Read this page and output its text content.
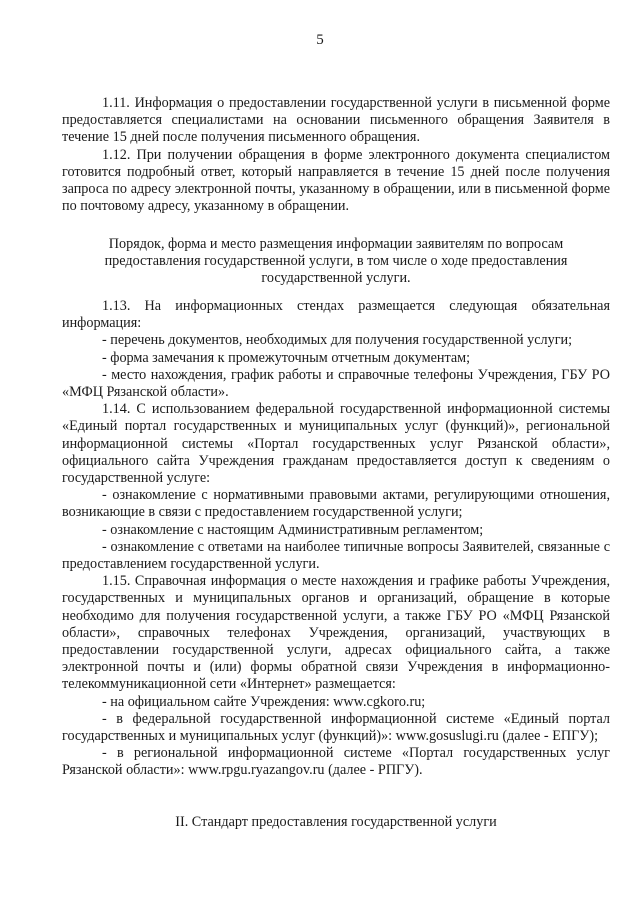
5

1.11. Информация о предоставлении государственной услуги в письменной форме предоставляется специалистами на основании письменного обращения Заявителя в течение 15 дней после получения письменного обращения.

1.12. При получении обращения в форме электронного документа специалистом готовится подробный ответ, который направляется в течение 15 дней после получения запроса по адресу электронной почты, указанному в обращении, или в письменной форме по почтовому адресу, указанному в обращении.

Порядок, форма и место размещения информации заявителям по вопросам предоставления государственной услуги, в том числе о ходе предоставления государственной услуги.

1.13. На информационных стендах размещается следующая обязательная информация:

- перечень документов, необходимых для получения государственной услуги;

- форма замечания к промежуточным отчетным документам;

- место нахождения, график работы и справочные телефоны Учреждения, ГБУ РО «МФЦ Рязанской области».

1.14. С использованием федеральной государственной информационной системы «Единый портал государственных и муниципальных услуг (функций)», региональной информационной системы «Портал государственных услуг Рязанской области», официального сайта Учреждения гражданам предоставляется доступ к сведениям о государственной услуге:

- ознакомление с нормативными правовыми актами, регулирующими отношения, возникающие в связи с предоставлением государственной услуги;

- ознакомление с настоящим Административным регламентом;

- ознакомление с ответами на наиболее типичные вопросы Заявителей, связанные с предоставлением государственной услуги.

1.15. Справочная информация о месте нахождения и графике работы Учреждения, государственных и муниципальных органов и организаций, обращение в которые необходимо для получения государственной услуги, а также ГБУ РО «МФЦ Рязанской области», справочных телефонах Учреждения, организаций, участвующих в предоставлении государственной услуги, адресах официального сайта, а также электронной почты и (или) формы обратной связи Учреждения в информационно-телекоммуникационной сети «Интернет» размещается:

- на официальном сайте Учреждения: www.cgkoro.ru;

- в федеральной государственной информационной системе «Единый портал государственных и муниципальных услуг (функций)»: www.gosuslugi.ru (далее - ЕПГУ);

- в региональной информационной системе «Портал государственных услуг Рязанской области»: www.rpgu.ryazangov.ru (далее - РПГУ).

II. Стандарт предоставления государственной услуги
